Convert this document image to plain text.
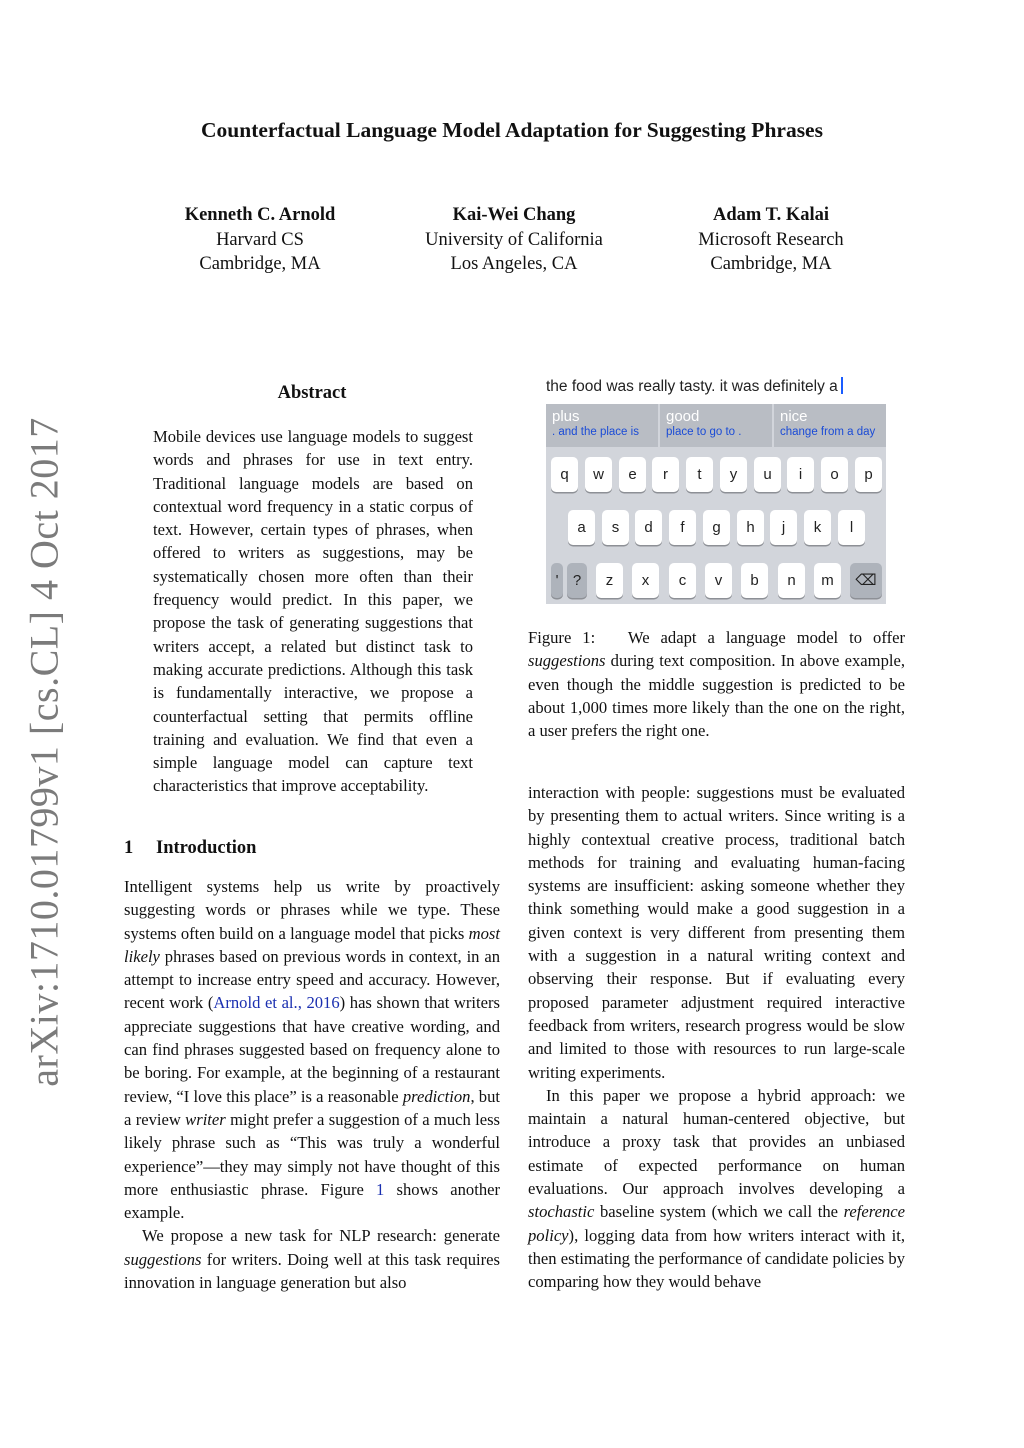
arXiv:1710.01799v1 [cs.CL] 4 Oct 2017
Counterfactual Language Model Adaptation for Suggesting Phrases
Kenneth C. Arnold
Harvard CS
Cambridge, MA
Kai-Wei Chang
University of California
Los Angeles, CA
Adam T. Kalai
Microsoft Research
Cambridge, MA
Abstract

Mobile devices use language models to suggest words and phrases for use in text entry. Traditional language models are based on contextual word frequency in a static corpus of text. However, certain types of phrases, when offered to writers as suggestions, may be systematically chosen more often than their frequency would predict. In this paper, we propose the task of generating suggestions that writers accept, a related but distinct task to making accurate predictions. Although this task is fundamentally interactive, we propose a counterfactual setting that permits offline training and evaluation. We find that even a simple language model can capture text characteristics that improve acceptability.

1 Introduction

Intelligent systems help us write by proactively suggesting words or phrases while we type. These systems often build on a language model that picks most likely phrases based on previous words in context, in an attempt to increase entry speed and accuracy. However, recent work (Arnold et al., 2016) has shown that writers appreciate suggestions that have creative wording, and can find phrases suggested based on frequency alone to be boring. For example, at the beginning of a restaurant review, “I love this place” is a reasonable prediction, but a review writer might prefer a suggestion of a much less likely phrase such as “This was truly a wonderful experience”—they may simply not have thought of this more enthusiastic phrase. Figure 1 shows another example.

We propose a new task for NLP research: generate suggestions for writers. Doing well at this task requires innovation in language generation but also

the food was really tasty. it was definitely a
plus
. and the place is
good
place to go to .
nice
change from a day
q	w	e	r	t	y	u	i	o	p
a	s	d	f	g	h	j	k	l
' ?	z	x	c	v	b	n	m	⌫

Figure 1: We adapt a language model to offer suggestions during text composition. In above example, even though the middle suggestion is predicted to be about 1,000 times more likely than the one on the right, a user prefers the right one.

interaction with people: suggestions must be evaluated by presenting them to actual writers. Since writing is a highly contextual creative process, traditional batch methods for training and evaluating human-facing systems are insufficient: asking someone whether they think something would make a good suggestion in a given context is very different from presenting them with a suggestion in a natural writing context and observing their response. But if evaluating every proposed parameter adjustment required interactive feedback from writers, research progress would be slow and limited to those with resources to run large-scale writing experiments.

In this paper we propose a hybrid approach: we maintain a natural human-centered objective, but introduce a proxy task that provides an unbiased estimate of expected performance on human evaluations. Our approach involves developing a stochastic baseline system (which we call the reference policy), logging data from how writers interact with it, then estimating the performance of candidate policies by comparing how they would behave
